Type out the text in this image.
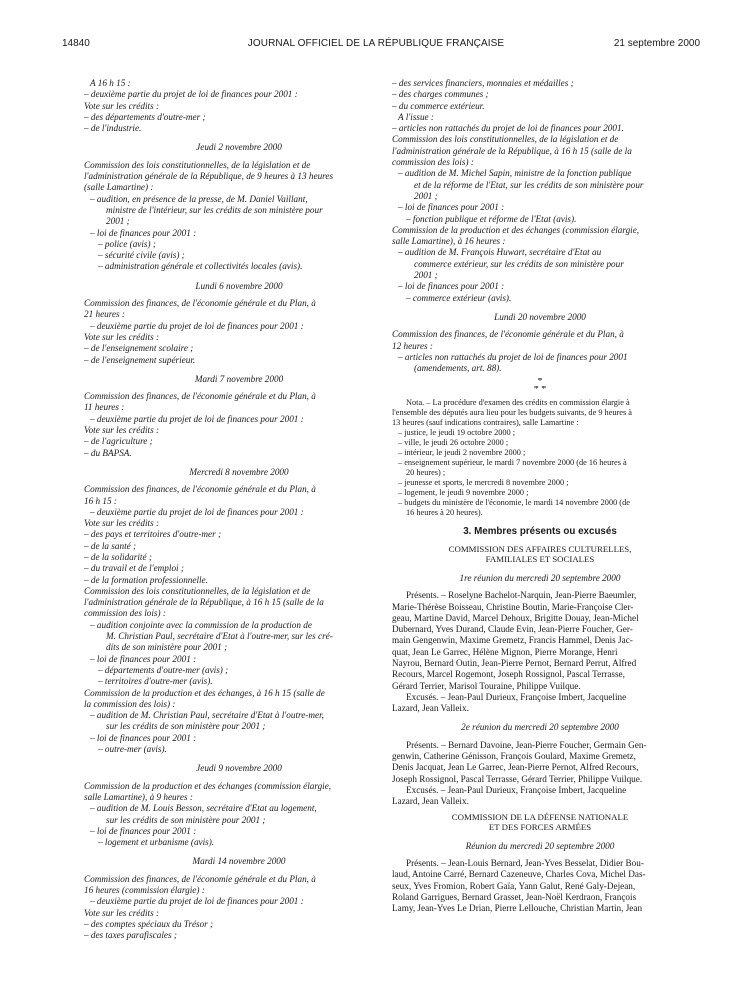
14840	JOURNAL OFFICIEL DE LA RÉPUBLIQUE FRANÇAISE	21 septembre 2000
A 16 h 15 :
– deuxième partie du projet de loi de finances pour 2001 :
Vote sur les crédits :
– des départements d'outre-mer ;
– de l'industrie.
Jeudi 2 novembre 2000
Commission des lois constitutionnelles, de la législation et de
l'administration générale de la République, de 9 heures à 13 heures
(salle Lamartine) :
– audition, en présence de la presse, de M. Daniel Vaillant,
ministre de l'intérieur, sur les crédits de son ministère pour
2001 ;
– loi de finances pour 2001 :
– police (avis) ;
– sécurité civile (avis) ;
– administration générale et collectivités locales (avis).
Lundi 6 novembre 2000
Commission des finances, de l'économie générale et du Plan, à
21 heures :
– deuxième partie du projet de loi de finances pour 2001 :
Vote sur les crédits :
– de l'enseignement scolaire ;
– de l'enseignement supérieur.
Mardi 7 novembre 2000
Commission des finances, de l'économie générale et du Plan, à
11 heures :
– deuxième partie du projet de loi de finances pour 2001 :
Vote sur les crédits :
– de l'agriculture ;
– du BAPSA.
Mercredi 8 novembre 2000
Commission des finances, de l'économie générale et du Plan, à
16 h 15 :
– deuxième partie du projet de loi de finances pour 2001 :
Vote sur les crédits :
– des pays et territoires d'outre-mer ;
– de la santé ;
– de la solidarité ;
– du travail et de l'emploi ;
– de la formation professionnelle.
Commission des lois constitutionnelles, de la législation et de
l'administration générale de la République, à 16 h 15 (salle de la
commission des lois) :
– audition conjointe avec la commission de la production de
M. Christian Paul, secrétaire d'Etat à l'outre-mer, sur les cré-
dits de son ministère pour 2001 ;
– loi de finances pour 2001 :
– départements d'outre-mer (avis) ;
– territoires d'outre-mer (avis).
Commission de la production et des échanges, à 16 h 15 (salle de
la commission des lois) :
– audition de M. Christian Paul, secrétaire d'Etat à l'outre-mer,
sur les crédits de son ministère pour 2001 ;
– loi de finances pour 2001 :
– outre-mer (avis).
Jeudi 9 novembre 2000
Commission de la production et des échanges (commission élargie,
salle Lamartine), à 9 heures :
– audition de M. Louis Besson, secrétaire d'Etat au logement,
sur les crédits de son ministère pour 2001 ;
– loi de finances pour 2001 :
– logement et urbanisme (avis).
Mardi 14 novembre 2000
Commission des finances, de l'économie générale et du Plan, à
16 heures (commission élargie) :
– deuxième partie du projet de loi de finances pour 2001 :
Vote sur les crédits :
– des comptes spéciaux du Trésor ;
– des taxes parafiscales ;
– des services financiers, monnaies et médailles ;
– des charges communes ;
– du commerce extérieur.
A l'issue :
– articles non rattachés du projet de loi de finances pour 2001.
Commission des lois constitutionnelles, de la législation et de
l'administration générale de la République, à 16 h 15 (salle de la
commission des lois) :
– audition de M. Michel Sapin, ministre de la fonction publique
et de la réforme de l'Etat, sur les crédits de son ministère pour
2001 ;
– loi de finances pour 2001 :
– fonction publique et réforme de l'Etat (avis).
Commission de la production et des échanges (commission élargie,
salle Lamartine), à 16 heures :
– audition de M. François Huwart, secrétaire d'Etat au
commerce extérieur, sur les crédits de son ministère pour
2001 ;
– loi de finances pour 2001 :
– commerce extérieur (avis).
Lundi 20 novembre 2000
Commission des finances, de l'économie générale et du Plan, à
12 heures :
– articles non rattachés du projet de loi de finances pour 2001
(amendements, art. 88).
*
* *
Nota. – La procédure d'examen des crédits en commission élargie à
l'ensemble des députés aura lieu pour les budgets suivants, de 9 heures à
13 heures (sauf indications contraires), salle Lamartine :
– justice, le jeudi 19 octobre 2000 ;
– ville, le jeudi 26 octobre 2000 ;
– intérieur, le jeudi 2 novembre 2000 ;
– enseignement supérieur, le mardi 7 novembre 2000 (de 16 heures à
20 heures) ;
– jeunesse et sports, le mercredi 8 novembre 2000 ;
– logement, le jeudi 9 novembre 2000 ;
– budgets du ministère de l'économie, le mardi 14 novembre 2000 (de
16 heures à 20 heures).
3. Membres présents ou excusés
COMMISSION DES AFFAIRES CULTURELLES,
FAMILIALES ET SOCIALES
1re réunion du mercredi 20 septembre 2000
Présents. – Roselyne Bachelot-Narquin, Jean-Pierre Baeumler,
Marie-Thérèse Boisseau, Christine Boutin, Marie-Françoise Cler-
geau, Martine David, Marcel Dehoux, Brigitte Douay, Jean-Michel
Dubernard, Yves Durand, Claude Evin, Jean-Pierre Foucher, Ger-
main Gengenwin, Maxime Gremetz, Francis Hammel, Denis Jac-
quat, Jean Le Garrec, Hélène Mignon, Pierre Morange, Henri
Nayrou, Bernard Outin, Jean-Pierre Pernot, Bernard Perrut, Alfred
Recours, Marcel Rogemont, Joseph Rossignol, Pascal Terrasse,
Gérard Terrier, Marisol Touraine, Philippe Vuilque.
Excusés. – Jean-Paul Durieux, Françoise Imbert, Jacqueline
Lazard, Jean Valleix.
2e réunion du mercredi 20 septembre 2000
Présents. – Bernard Davoine, Jean-Pierre Foucher, Germain Gen-
genwin, Catherine Génisson, François Goulard, Maxime Gremetz,
Denis Jacquat, Jean Le Garrec, Jean-Pierre Pernot, Alfred Recours,
Joseph Rossignol, Pascal Terrasse, Gérard Terrier, Philippe Vuilque.
Excusés. – Jean-Paul Durieux, Françoise Imbert, Jacqueline
Lazard, Jean Valleix.
COMMISSION DE LA DÉFENSE NATIONALE
ET DES FORCES ARMÉES
Réunion du mercredi 20 septembre 2000
Présents. – Jean-Louis Bernard, Jean-Yves Besselat, Didier Bou-
laud, Antoine Carré, Bernard Cazeneuve, Charles Cova, Michel Das-
seux, Yves Fromion, Robert Gaïa, Yann Galut, René Galy-Dejean,
Roland Garrigues, Bernard Grasset, Jean-Noël Kerdraon, François
Lamy, Jean-Yves Le Drian, Pierre Lellouche, Christian Martin, Jean
